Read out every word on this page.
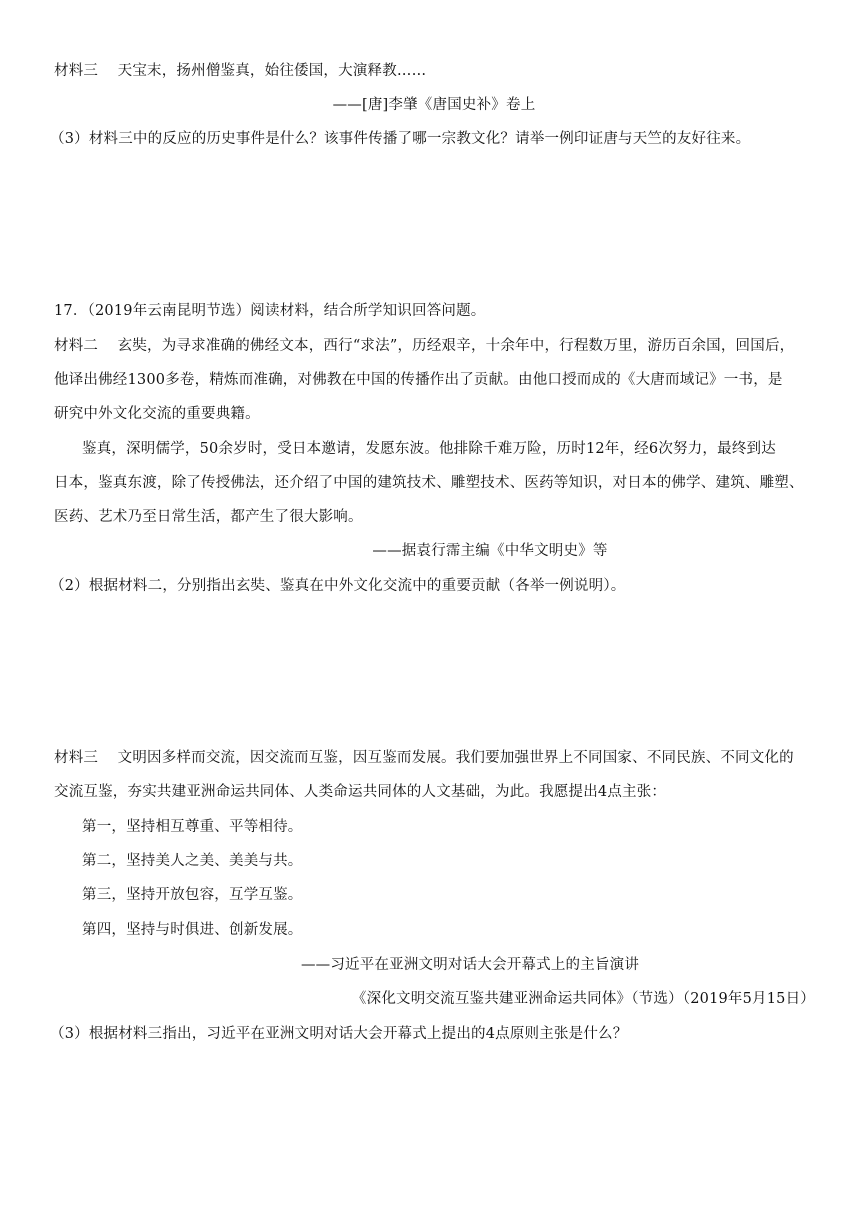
材料三　 天宝末，扬州僧鉴真，始往倭国，大演释教……
——[唐]李肇《唐国史补》卷上
（3）材料三中的反应的历史事件是什么？该事件传播了哪一宗教文化？请举一例印证唐与天竺的友好往来。
17．（2019年云南昆明节选）阅读材料，结合所学知识回答问题。
材料二　 玄奘，为寻求准确的佛经文本，西行“求法”，历经艰辛，十余年中，行程数万里，游历百余国，回国后，
他译出佛经1300多卷，精炼而准确，对佛教在中国的传播作出了贡献。由他口授而成的《大唐而域记》一书，是
研究中外文化交流的重要典籍。
鉴真，深明儒学，50余岁时，受日本邀请，发愿东波。他排除千难万险，历时12年，经6次努力，最终到达
日本，鉴真东渡，除了传授佛法，还介绍了中国的建筑技术、雕塑技术、医药等知识，对日本的佛学、建筑、雕塑、
医药、艺术乃至日常生活，都产生了很大影响。
——据袁行霈主编《中华文明史》等
（2）根据材料二，分别指出玄奘、鉴真在中外文化交流中的重要贡献（各举一例说明）。
材料三　 文明因多样而交流，因交流而互鉴，因互鉴而发展。我们要加强世界上不同国家、不同民族、不同文化的
交流互鉴，夯实共建亚洲命运共同体、人类命运共同体的人文基础，为此。我愿提出4点主张：
第一，坚持相互尊重、平等相待。
第二，坚持美人之美、美美与共。
第三，坚持开放包容，互学互鉴。
第四，坚持与时俱进、创新发展。
——习近平在亚洲文明对话大会开幕式上的主旨演讲
《深化文明交流互鉴共建亚洲命运共同体》（节选）（2019年5月15日）
（3）根据材料三指出，习近平在亚洲文明对话大会开幕式上提出的4点原则主张是什么？
